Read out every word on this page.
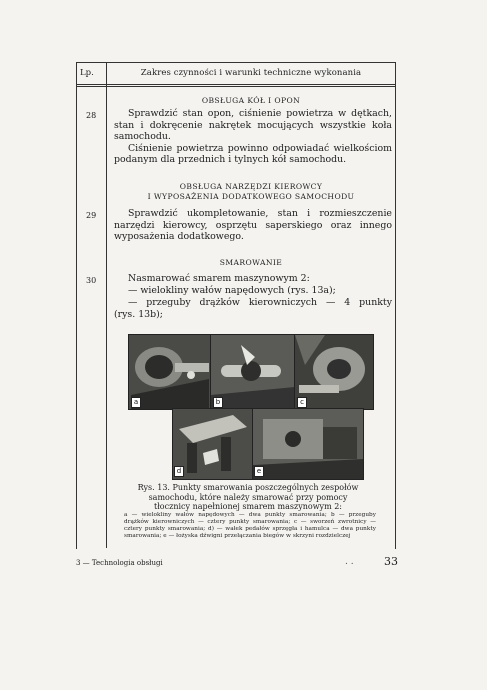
Lp.	Zakres czynności i warunki techniczne wykonania
OBSŁUGA KÓŁ I OPON
28	Sprawdzić stan opon, ciśnienie powietrza w dętkach, stan i dokręcenie nakrętek mocujących wszystkie koła samochodu.

Ciśnienie powietrza powinno odpowiadać wielkościom podanym dla przednich i tylnych kół samochodu.

OBSŁUGA NARZĘDZI KIEROWCY
I WYPOSAŻENIA DODATKOWEGO SAMOCHODU
29	Sprawdzić ukompletowanie, stan i rozmieszczenie narzędzi kierowcy, osprzętu saperskiego oraz innego wyposażenia dodatkowego.

SMAROWANIE
30	Nasmarować smarem maszynowym 2:
— wielokliny wałów napędowych (rys. 13a);
— przeguby drążków kierowniczych — 4 punkty
(rys. 13b);
a	b	c
d	e
Rys. 13. Punkty smarowania poszczególnych zespołów samochodu, które należy smarować przy pomocy tłocznicy napełnionej smarem maszynowym 2:
a — wielokliny wałów napędowych — dwa punkty smarowania; b — przeguby drążków kierowniczych — cztery punkty smarowania; c — sworzeń zwrotnicy — cztery punkty smarowania; d) — wałek pedałów sprzęgła i hamulca — dwa punkty smarowania; e — łożyska dźwigni przełączania biegów w skrzyni rozdzielczej
3 — Technologia obsługi	. .	33
